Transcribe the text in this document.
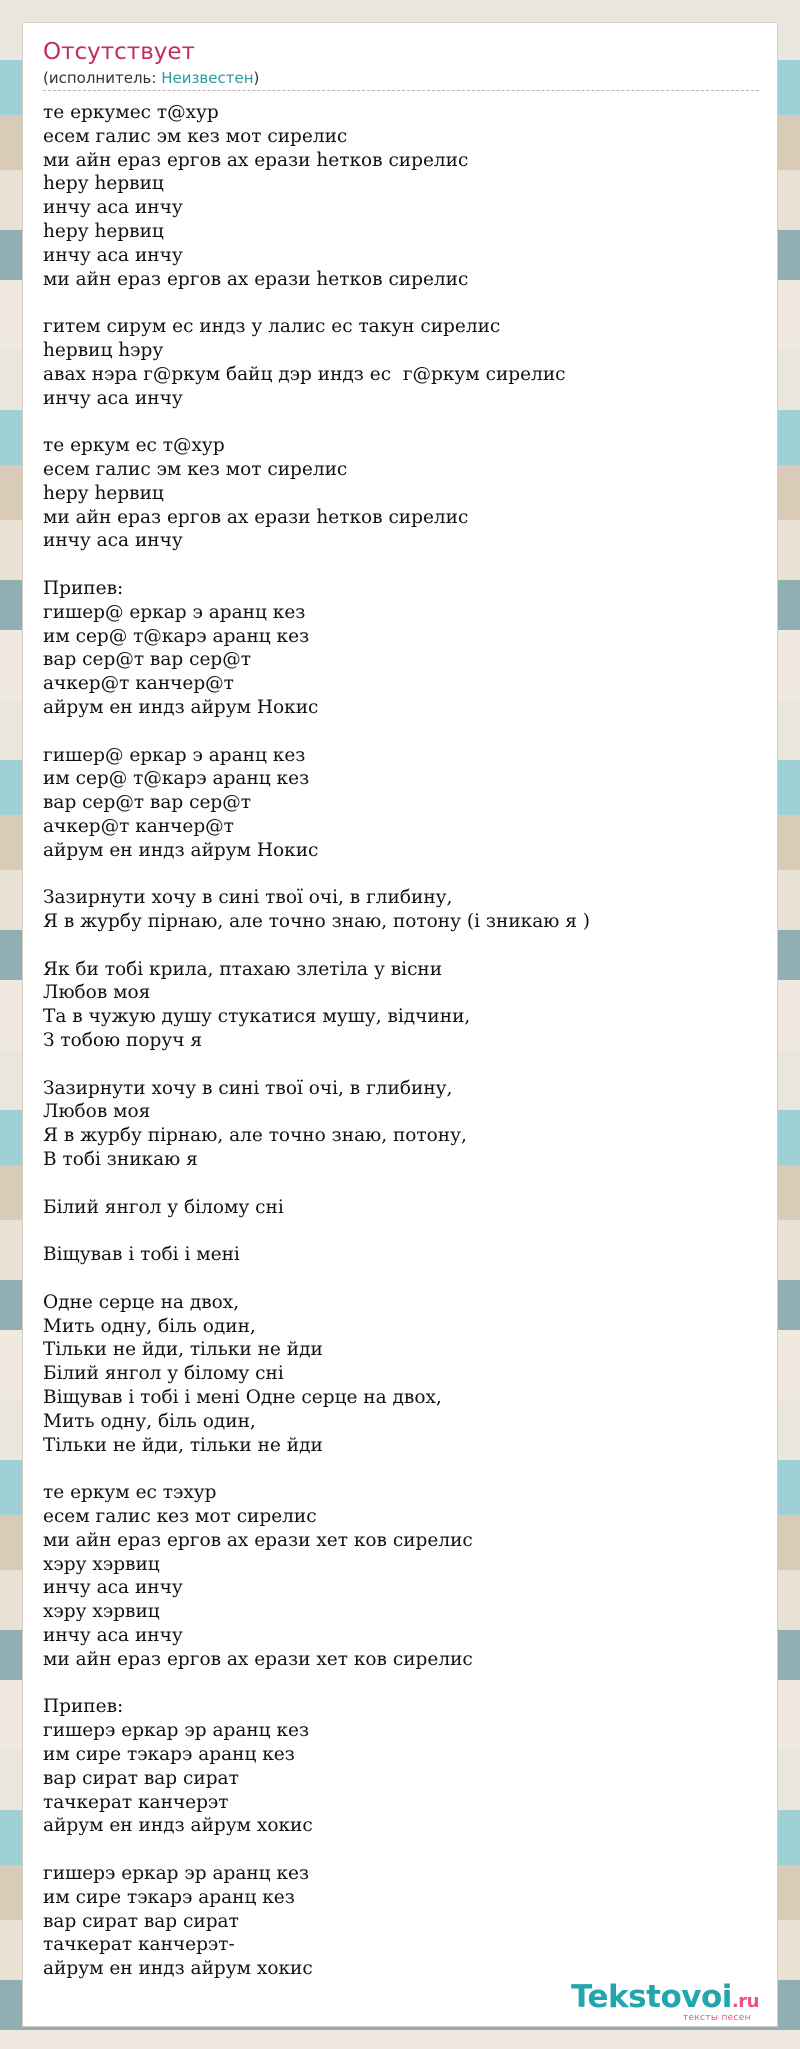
Отсутствует
(исполнитель: Неизвестен)
те еркумес т@хур
есем галис эм кез мот сирелис
ми айн ераз ергов ах ерази һетков сирелис
һеру һервиц
инчу аса инчу
һеру һервиц
инчу аса инчу
ми айн ераз ергов ах ерази һетков сирелис

гитем сирум ес индз у лалис ес такун сирелис
һервиц һэру
авах нэра г@ркум байц дэр индз ес  г@ркум сирелис
инчу аса инчу

те еркум ес т@хур
есем галис эм кез мот сирелис
һеру һервиц
ми айн ераз ергов ах ерази һетков сирелис
инчу аса инчу

Припев:
гишер@ еркар э аранц кез
им сер@ т@карэ аранц кез
вар сер@т вар сер@т
ачкер@т канчер@т
айрум ен индз айрум Нокис

гишер@ еркар э аранц кез
им сер@ т@карэ аранц кез
вар сер@т вар сер@т
ачкер@т канчер@т
айрум ен индз айрум Нокис

Зазирнути хочу в сині твої очі, в глибину,
Я в журбу пірнаю, але точно знаю, потону (і зникаю я )

Як би тобі крила, птахаю злетіла у вісни
Любов моя
Та в чужую душу стукатися мушу, відчини,
З тобою поруч я

Зазирнути хочу в сині твої очі, в глибину,
Любов моя
Я в журбу пірнаю, але точно знаю, потону,
В тобі зникаю я

Білий янгол у білому сні

Віщував і тобі і мені

Одне серце на двох,
Мить одну, біль один,
Тільки не йди, тільки не йди
Білий янгол у білому сні
Віщував і тобі і мені Одне серце на двох,
Мить одну, біль один,
Тільки не йди, тільки не йди

те еркум ес тэхур
есем галис кез мот сирелис
ми айн ераз ергов ах ерази хет ков сирелис
хэру хэрвиц
инчу аса инчу
хэру хэрвиц
инчу аса инчу
ми айн ераз ергов ах ерази хет ков сирелис

Припев:
гишерэ еркар эр аранц кез
им сире тэкарэ аранц кез
вар сират вар сират
тачкерат канчерэт
айрум ен индз айрум хокис

гишерэ еркар эр аранц кез
им сире тэкарэ аранц кез
вар сират вар сират
тачкерат канчерэт-
айрум ен индз айрум хокис
Tekstovoi.ru
тексты песен
